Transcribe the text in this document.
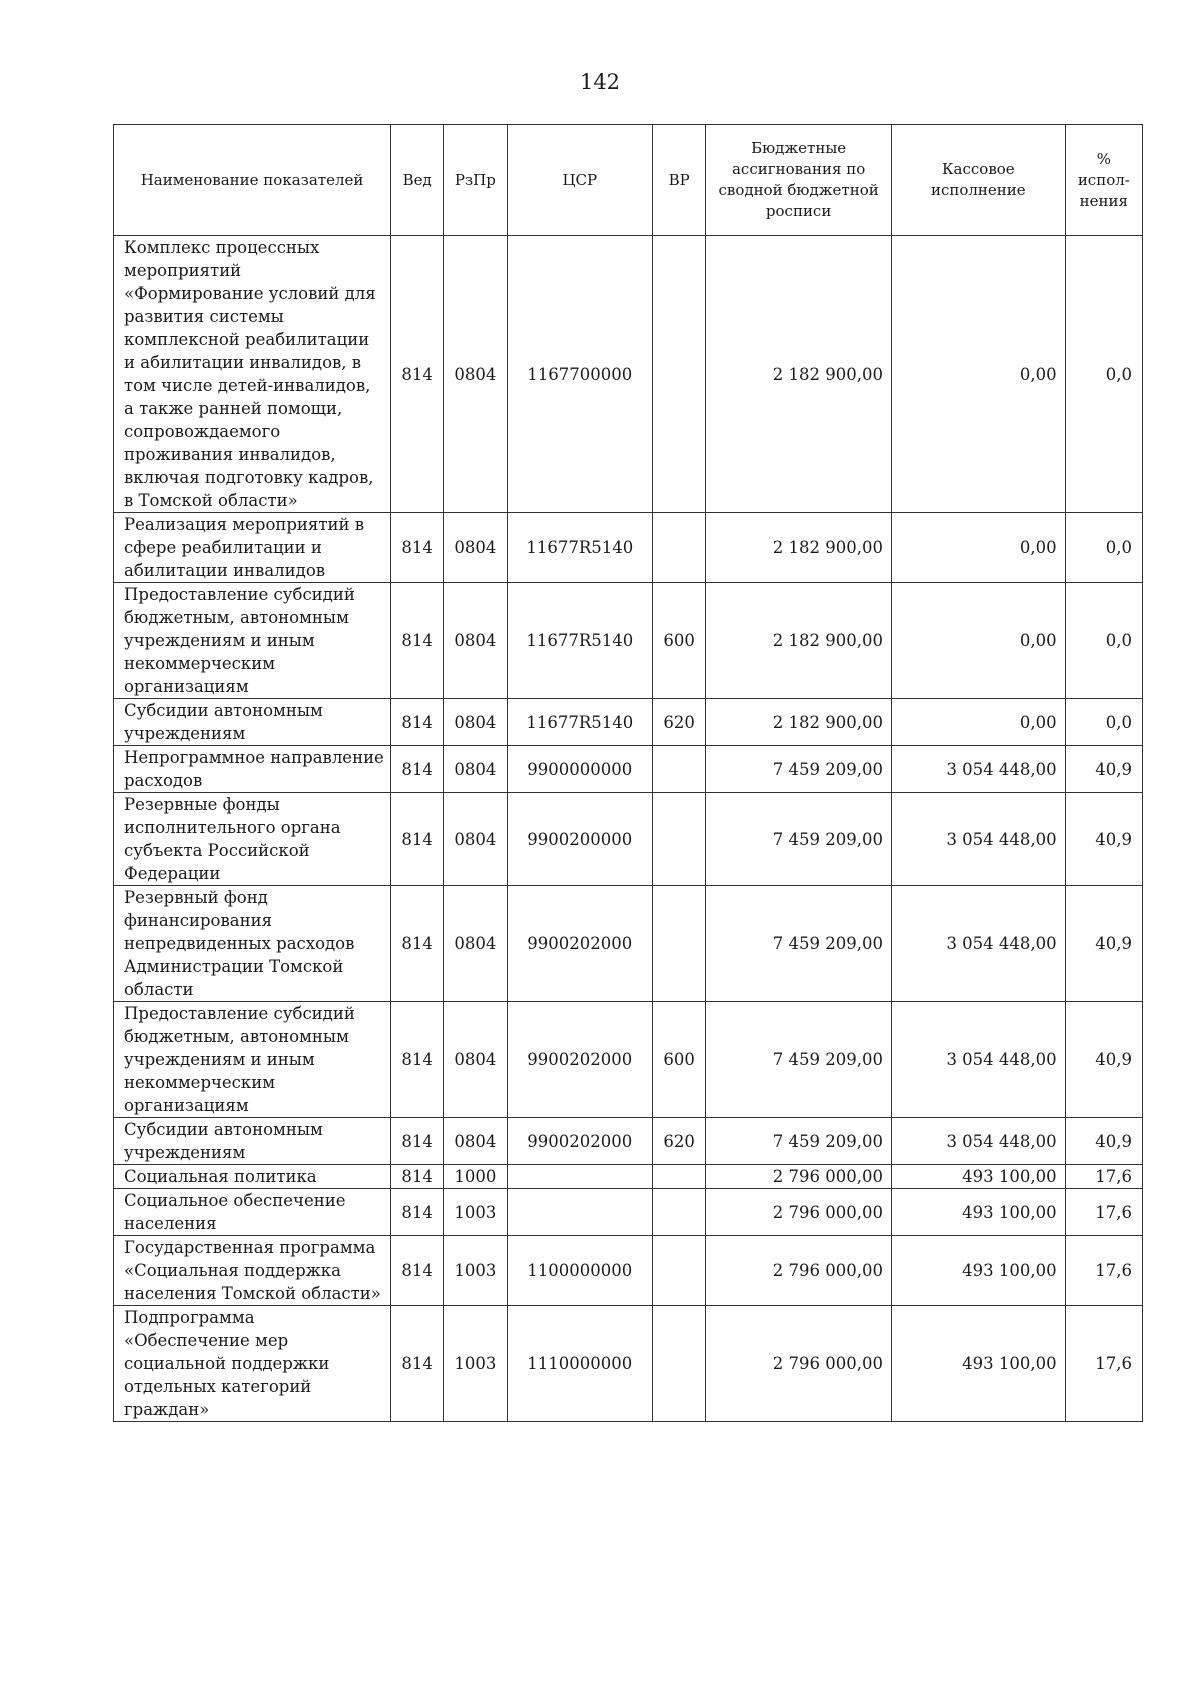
142
Наименование показателей	Вед	РзПр	ЦСР	ВР	Бюджетные ассигнования по сводной бюджетной росписи	Кассовое исполнение	% испол-нения
Комплекс процессных мероприятий «Формирование условий для развития системы комплексной реабилитации и абилитации инвалидов, в том числе детей-инвалидов, а также ранней помощи, сопровождаемого проживания инвалидов, включая подготовку кадров, в Томской области»	814	0804	1167700000		2 182 900,00	0,00	0,0
Реализация мероприятий в сфере реабилитации и абилитации инвалидов	814	0804	11677R5140		2 182 900,00	0,00	0,0
Предоставление субсидий бюджетным, автономным учреждениям и иным некоммерческим организациям	814	0804	11677R5140	600	2 182 900,00	0,00	0,0
Субсидии автономным учреждениям	814	0804	11677R5140	620	2 182 900,00	0,00	0,0
Непрограммное направление расходов	814	0804	9900000000		7 459 209,00	3 054 448,00	40,9
Резервные фонды исполнительного органа субъекта Российской Федерации	814	0804	9900200000		7 459 209,00	3 054 448,00	40,9
Резервный фонд финансирования непредвиденных расходов Администрации Томской области	814	0804	9900202000		7 459 209,00	3 054 448,00	40,9
Предоставление субсидий бюджетным, автономным учреждениям и иным некоммерческим организациям	814	0804	9900202000	600	7 459 209,00	3 054 448,00	40,9
Субсидии автономным учреждениям	814	0804	9900202000	620	7 459 209,00	3 054 448,00	40,9
Социальная политика	814	1000			2 796 000,00	493 100,00	17,6
Социальное обеспечение населения	814	1003			2 796 000,00	493 100,00	17,6
Государственная программа «Социальная поддержка населения Томской области»	814	1003	1100000000		2 796 000,00	493 100,00	17,6
Подпрограмма «Обеспечение мер социальной поддержки отдельных категорий граждан»	814	1003	1110000000		2 796 000,00	493 100,00	17,6
